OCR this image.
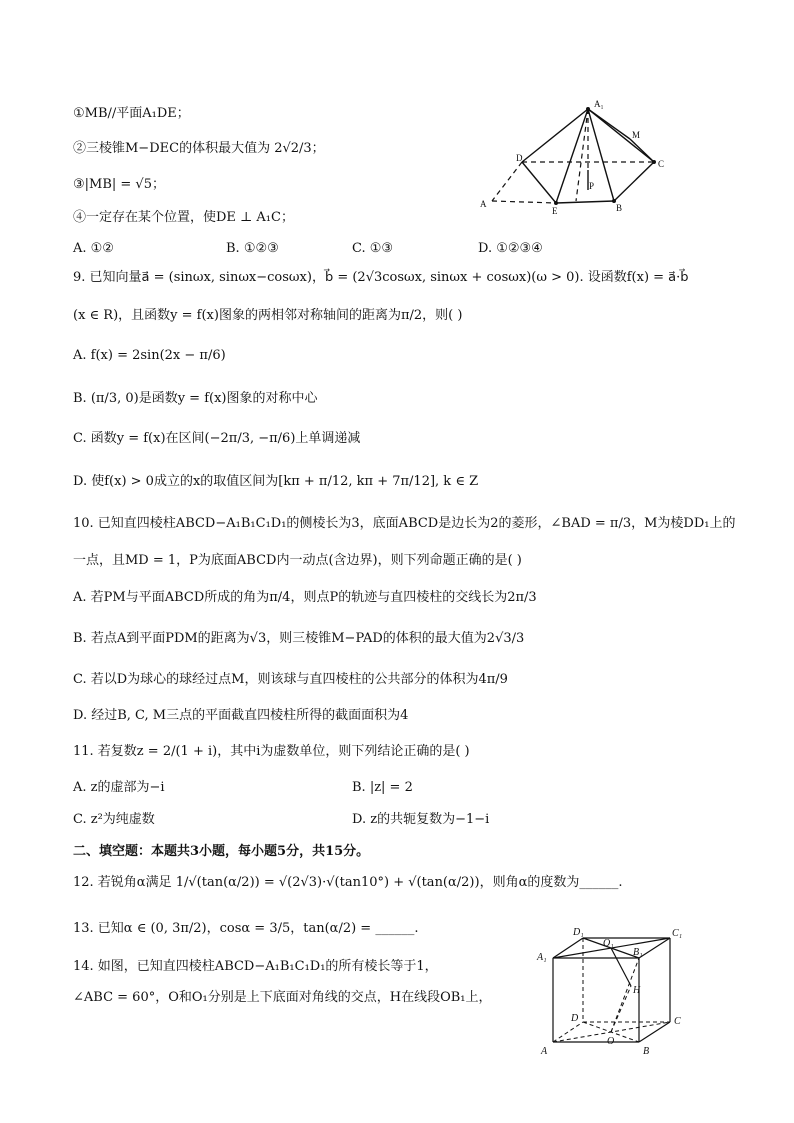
①MB//平面A₁DE；
②三棱锥M−DEC的体积最大值为 2√2/3；
③|MB| = √5；
④一定存在某个位置，使DE ⊥ A₁C；
A. ①②	B. ①②③	C. ①③	D. ①②③④
A₁
M
D
C
P
A
E	B
9. 已知向量a⃗ = (sinωx, sinωx−cosωx)，b⃗ = (2√3cosωx, sinωx + cosωx)(ω > 0). 设函数f(x) = a⃗·b⃗
(x ∈ R)，且函数y = f(x)图象的两相邻对称轴间的距离为π/2，则( )
A. f(x) = 2sin(2x − π/6)
B. (π/3, 0)是函数y = f(x)图象的对称中心
C. 函数y = f(x)在区间(−2π/3, −π/6)上单调递减
D. 使f(x) > 0成立的x的取值区间为[kπ + π/12, kπ + 7π/12], k ∈ Z
10. 已知直四棱柱ABCD−A₁B₁C₁D₁的侧棱长为3，底面ABCD是边长为2的菱形，∠BAD = π/3，M为棱DD₁上的
一点，且MD = 1，P为底面ABCD内一动点(含边界)，则下列命题正确的是( )
A. 若PM与平面ABCD所成的角为π/4，则点P的轨迹与直四棱柱的交线长为2π/3
B. 若点A到平面PDM的距离为√3，则三棱锥M−PAD的体积的最大值为2√3/3
C. 若以D为球心的球经过点M，则该球与直四棱柱的公共部分的体积为4π/9
D. 经过B, C, M三点的平面截直四棱柱所得的截面面积为4
11. 若复数z = 2/(1 + i)，其中i为虚数单位，则下列结论正确的是( )
A. z的虚部为−i	B. |z| = 2
C. z²为纯虚数	D. z的共轭复数为−1−i
二、填空题：本题共3小题，每小题5分，共15分。
12. 若锐角α满足 1/√(tan(α/2)) = √(2√3)·√(tan10°) + √(tan(α/2))，则角α的度数为______.
13. 已知α ∈ (0, 3π/2)，cosα = 3/5，tan(α/2) = ______.
14. 如图，已知直四棱柱ABCD−A₁B₁C₁D₁的所有棱长等于1，
∠ABC = 60°，O和O₁分别是上下底面对角线的交点，H在线段OB₁上，
D₁
O₁
C₁
A₁	B₁
H
D	C
O
A	B
